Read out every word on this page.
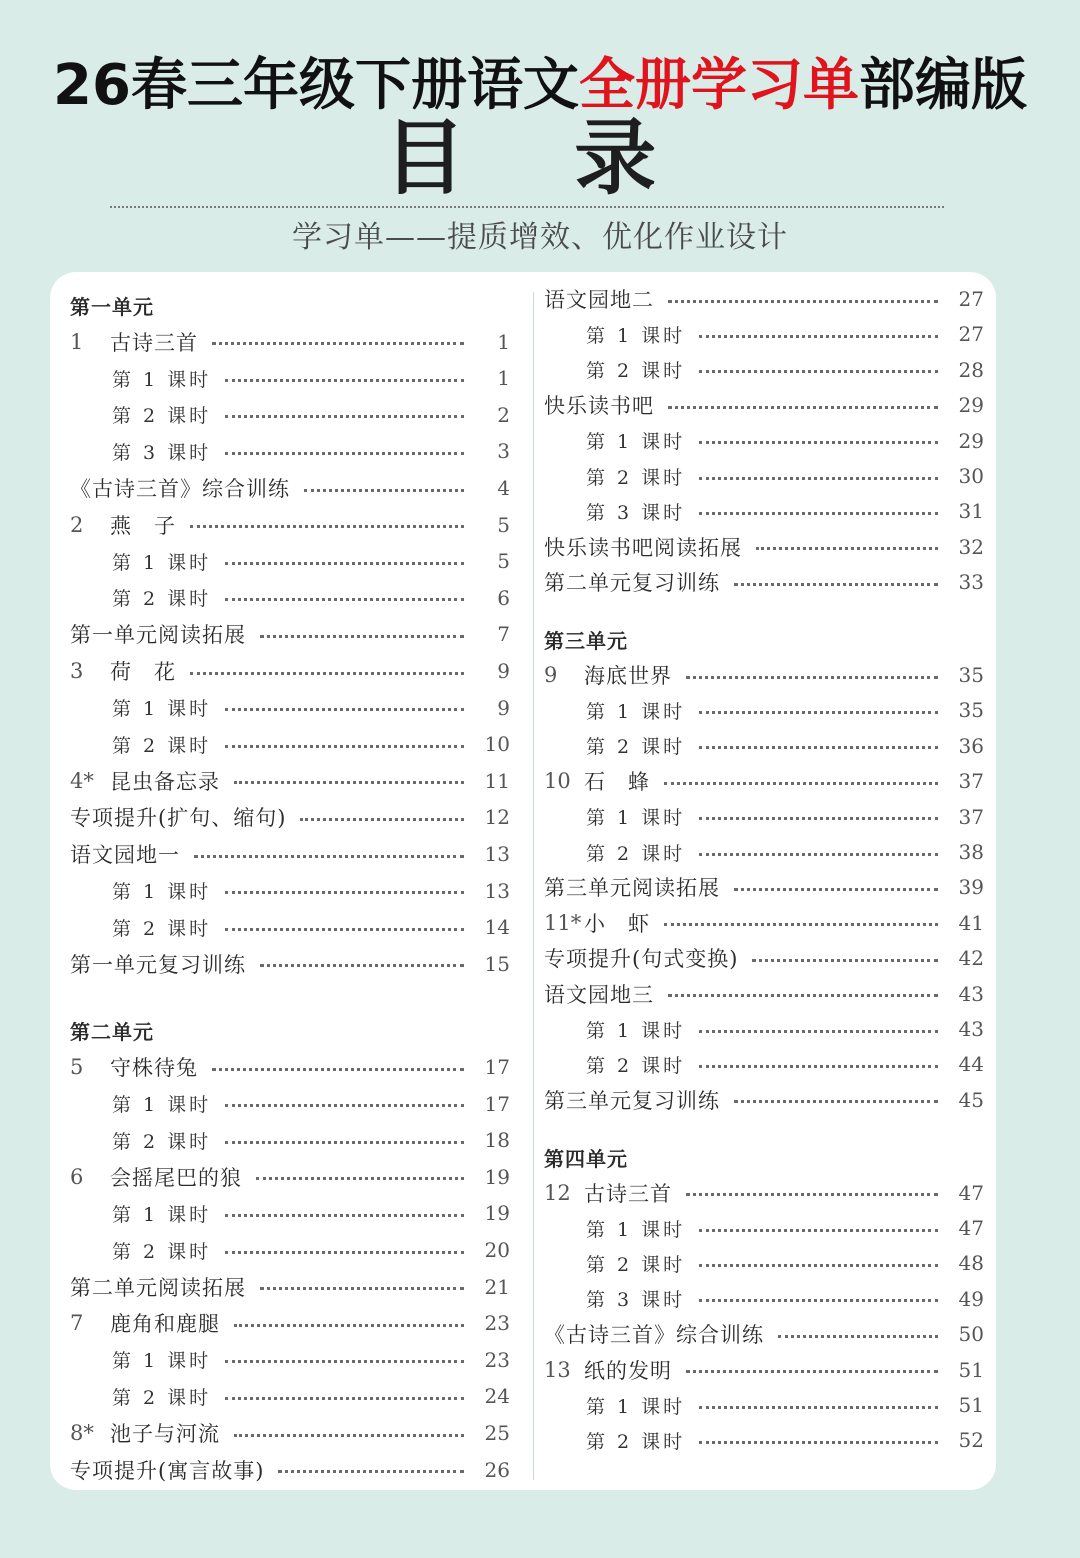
26春三年级下册语文全册学习单部编版
目 录
学习单——提质增效、优化作业设计
第一单元
1	古诗三首	1
第 1 课时	1
第 2 课时	2
第 3 课时	3
《古诗三首》综合训练	4
2	燕　子	5
第 1 课时	5
第 2 课时	6
第一单元阅读拓展	7
3	荷　花	9
第 1 课时	9
第 2 课时	10
4* 昆虫备忘录	11
专项提升(扩句、缩句)	12
语文园地一	13
第 1 课时	13
第 2 课时	14
第一单元复习训练	15
第二单元
5	守株待兔	17
第 1 课时	17
第 2 课时	18
6	会摇尾巴的狼	19
第 1 课时	19
第 2 课时	20
第二单元阅读拓展	21
7	鹿角和鹿腿	23
第 1 课时	23
第 2 课时	24
8* 池子与河流	25
专项提升(寓言故事)	26
语文园地二	27
第 1 课时	27
第 2 课时	28
快乐读书吧	29
第 1 课时	29
第 2 课时	30
第 3 课时	31
快乐读书吧阅读拓展	32
第二单元复习训练	33
第三单元
9	海底世界	35
第 1 课时	35
第 2 课时	36
10 石　蜂	37
第 1 课时	37
第 2 课时	38
第三单元阅读拓展	39
11* 小　虾	41
专项提升(句式变换)	42
语文园地三	43
第 1 课时	43
第 2 课时	44
第三单元复习训练	45
第四单元
12 古诗三首	47
第 1 课时	47
第 2 课时	48
第 3 课时	49
《古诗三首》综合训练	50
13 纸的发明	51
第 1 课时	51
第 2 课时	52
